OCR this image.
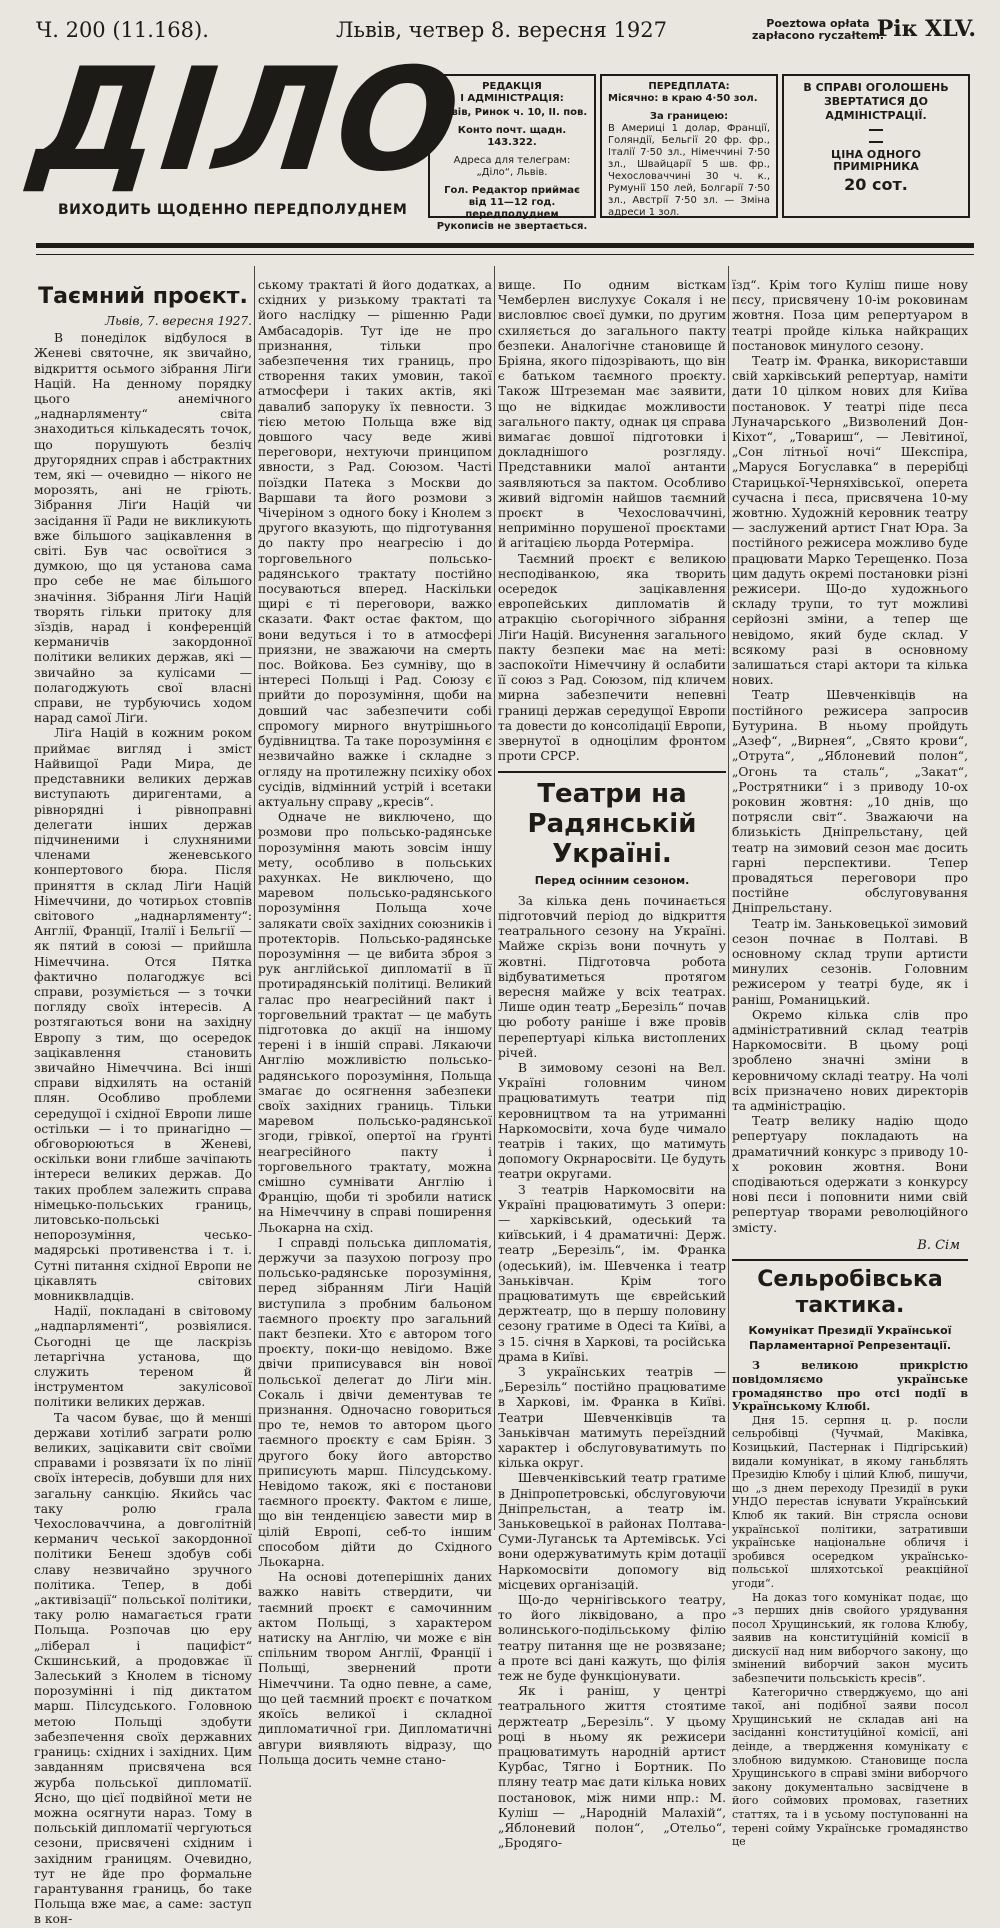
Ч. 200 (11.168).	Львів, четвер 8. вересня 1927	Poeztowa opłata
zapłacono ryczałtem.
Рік XLV.
ДІЛО
ВИХОДИТЬ ЩОДЕННО ПЕРЕДПОЛУДНЕМ
РЕДАКЦІЯ
І АДМІНІСТРАЦІЯ:
Львів, Ринок ч. 10, II. пов.
Конто почт. щадн. 143.322.
Адреса для телеграм:
„Діло“, Львів.
Гол. Редактор приймає від 11—12 год. передполуднем
Рукописів не звертається.
ПЕРЕДПЛАТА:
Місячно: в краю 4·50 зол.
За границею:
В Америці 1 долар, Франції, Голяндії, Бельгії 20 фр. фр., Італії 7·50 зл., Німеччині 7·50 зл., Швайцарії 5 шв. фр., Чехословаччині 30 ч. к., Румунії 150 лей, Болгарії 7·50 зл., Австрії 7·50 зл. — Зміна адреси 1 зол.
В СПРАВІ ОГОЛОШЕНЬ ЗВЕРТАТИСЯ ДО АДМІНІСТРАЦІЇ.
ЦІНА ОДНОГО ПРИМІРНИКА
20 сот.
Таємний проєкт.
Львів, 7. вересня 1927.

В понеділок відбулося в Женеві святочне, як звичайно, відкриття осьмого зібрання Ліґи Націй. На денному порядку цього анемічного „наднарляменту“ світа знаходиться кількадесять точок, що порушують безліч другорядних справ і абстрактних тем, які — очевидно — нікого не морозять, ані не гріють. Зібрання Ліґи Націй чи засідання її Ради не викликують вже більшого зацікавлення в світі. Був час освоїтися з думкою, що ця установа сама про себе не має більшого значіння. Зібрання Ліґи Націй творять гільки притоку для зїздів, нарад і конференцій керманичів закордонної політики великих держав, які — звичайно за кулісами — полагоджують свої власні справи, не турбуючись ходом нарад самої Ліґи.

Ліґа Націй в кожним роком приймає вигляд і зміст Найвищої Ради Мира, де представники великих держав виступають диригентами, а рівнорядні і рівноправні делегати інших держав підчиненими і слухняними членами женевського конпертового бюра. Після приняття в склад Ліґи Націй Німеччини, до чотирьох стовпів світового „наднарляменту“: Англії, Франції, Італії і Бельгії — як пятий в союзі — прийшла Німеччина. Отся Пятка фактично полагоджує всі справи, розуміється — з точки погляду своїх інтересів. А розтягаються вони на західну Европу з тим, що осередок зацікавлення становить звичайно Німеччина. Всі інші справи відхилять на останій плян. Особливо проблеми середущої і східної Европи лише остільки — і то принагідно — обговорюються в Женеві, оскільки вони глибше зачіпають інтереси великих держав. До таких проблем залежить справа німецько-польських границь, литовсько-польські непорозуміння, чесько-мадярські противенства і т. і. Сутні питання східної Европи не цікавлять світових мовниквладців.

Надії, покладані в світовому „надпарляменті“, розвіялися. Сьогодні це ще ласкрізь летаргічна установа, що служить тереном й інструментом закулісової політики великих держав.

Та часом буває, що й менші держави хотілиб заграти ролю великих, зацікавити світ своїми справами і розвязати їх по лінії своїх інтересів, добувши для них загальну санкцію. Якийсь час таку ролю грала Чехословаччина, а довголітній керманич чеської закордонної політики Бенеш здобув собі славу незвичайно зручного політика. Тепер, в добі „активізації“ польської політики, таку ролю намагається грати Польща. Розпочав цю еру „ліберал і пацифіст“ Скшинський, а продовжає її Залеський з Кнолем в тісному порозумінні і під диктатом марш. Пілсудського. Головною метою Польщі здобути забезпечення своїх державних границь: східних і західних. Цим завданням присвячена вся журба польської дипломатії. Ясно, що цієї подвійної мети не можна осягнути нараз. Тому в польській дипломатії чергуються сезони, присвячені східним і західним границям. Очевидно, тут не йде про формальне гарантування границь, бо таке Польща вже має, а саме: заступ в кон-

ському трактаті й його додатках, а східних у ризькому трактаті та його наслідку — рішенню Ради Амбасадорів. Тут іде не про признання, тільки про забезпечення тих границь, про створення таких умовин, такої атмосфери і таких актів, які давалиб запоруку їх певности. З тією метою Польща вже від довшого часу веде живі переговори, нехтуючи принципом явности, з Рад. Союзом. Часті поїздки Патека з Москви до Варшави та його розмови з Чічеріном з одного боку і Кнолем з другого вказують, що підготування до пакту про неагресію і до торговельного польсько-радянського трактату постійно посуваються вперед. Наскільки щирі є ті переговори, важко сказати. Факт остає фактом, що вони ведуться і то в атмосфері приязни, не зважаючи на смерть пос. Войкова. Без сумніву, що в інтересі Польщі і Рад. Союзу є прийти до порозуміння, щоби на довший час забезпечити собі спромогу мирного внутрішнього будівництва. Та таке порозуміння є незвичайно важке і складне з огляду на протилежну психіку обох сусідів, відмінний устрій і всетаки актуальну справу „кресів“.

Одначе не виключено, що розмови про польсько-радянське порозуміння мають зовсім іншу мету, особливо в польських рахунках. Не виключено, що маревом польсько-радянського порозуміння Польща хоче залякати своїх західних союзників і протекторів. Польсько-радянське порозуміння — це вибита зброя з рук англійської дипломатії в її протирадянській політиці. Великий галас про неагресійний пакт і торговельний трактат — це мабуть підготовка до акції на іншому терені і в іншій справі. Лякаючи Англію можливістю польсько-радянського порозуміння, Польща змагає до осягнення забезпеки своїх західних границь. Тільки маревом польсько-радянської згоди, грівкої, опертої на ґрунті неагресійного пакту і торговельного трактату, можна смішно сумнівати Англію і Францію, щоби ті зробили натиск на Німеччину в справі поширення Льокарна на схід.

І справді польська дипломатія, держучи за пазухою погрозу про польсько-радянське порозуміння, перед зібранням Ліґи Націй виступила з пробним бальоном таємного проєкту про загальний пакт безпеки. Хто є автором того проєкту, поки-що невідомо. Вже двічи приписувався він нової польської делегат до Ліґи мін. Сокаль і двічи дементував те признання. Одночасно говориться про те, немов то автором цього таємного проєкту є сам Бріян. З другого боку його авторство приписують марш. Пілсудському. Невідомо також, які є постанови таємного проєкту. Фактом є лише, що він тенденцією завести мир в цілій Европі, себ-то іншим способом дійти до Східного Льокарна.

На основі дотеперішніх даних важко навіть ствердити, чи таємний проєкт є самочинним актом Польщі, з характером натиску на Англію, чи може є він спільним твором Англії, Франції і Польщі, звернений проти Німеччини. Та одно певне, а саме, що цей таємний проєкт є початком якоїсь великої і складної дипломатичної гри. Дипломатичні авгури виявляють відразу, що Польща досить чемне стано-

вище. По одним вісткам Чемберлен вислухує Сокаля і не висловлює своєї думки, по другим схиляється до загального пакту безпеки. Аналогічне становище й Бріяна, якого підозрівають, що він є батьком таємного проєкту. Також Штреземан має заявити, що не відкидає можливости загального пакту, однак ця справа вимагає довшої підготовки і докладнішого розгляду. Представники малої антанти заявляються за пактом. Особливо живий відгомін найшов таємний проєкт в Чехословаччині, непримінно порушеної проєктами й агітацією льорда Ротерміра.

Таємний проєкт є великою несподіванкою, яка творить осередок зацікавлення европейських дипломатів й атракцію сьогорічного зібрання Ліґи Націй. Висунення загального пакту безпеки має на меті: заспокоїти Німеччину й ослабити її союз з Рад. Союзом, під кличем мирна забезпечити непевні границі держав середущої Европи та довести до консолідації Европи, звернутої в одноцілим фронтом проти СРСР.

Театри на Радянській Україні.
Перед осінним сезоном.

За кілька день починається підготовчий період до відкриття театрального сезону на Україні. Майже скрізь вони почнуть у жовтні. Підготовча робота відбуватиметься протягом вересня майже у всіх театрах. Лише один театр „Березіль“ почав цю роботу раніше і вже провів перепертуарі кілька вистоплених річей.

В зимовому сезоні на Вел. Україні головним чином працюватимуть театри під керовництвом та на утриманні Наркомосвіти, хоча буде чимало театрів і таких, що матимуть допомогу Окрнаросвіти. Це будуть театри округами.

З театрів Наркомосвіти на Україні працюватимуть 3 опери: — харківський, одеський та київський, і 4 драматичні: Держ. театр „Березіль“, ім. Франка (одеський), ім. Шевченка і театр Заньківчан. Крім того працюватимуть ще єврейський держтеатр, що в першу половину сезону гратиме в Одесі та Київі, а з 15. січня в Харкові, та російська драма в Київі.

З українських театрів — „Березіль“ постійно працюватиме в Харкові, ім. Франка в Київі. Театри Шевченківців та Заньківчан матимуть переїздний характер і обслуговуватимуть по кілька округ.

Шевченківський театр гратиме в Дніпропетровські, обслуговуючи Дніпрельстан, а театр ім. Заньковецької в районах Полтава-Суми-Луганськ та Артемівськ. Усі вони одержуватимуть крім дотації Наркомосвіти допомогу від місцевих організацій.

Що-до чернігівського театру, то його ліквідовано, а про волинського-подільському філію театру питання ще не розвязане; а проте всі дані кажуть, що філія теж не буде функціонувати.

Як і раніш, у центрі театрального життя стоятиме держтеатр „Березіль“. У цьому році в ньому як режисери працюватимуть народній артист Курбас, Тягно і Бортник. По пляну театр має дати кількa нових постановок, між ними нпр.: М. Куліш — „Народній Малахій“, „Яблоневий полон“, „Отельо“, „Бродяго-

їзд“. Крім того Куліш пише нову пєсу, присвячену 10-ім роковинам жовтня. Поза цим репертуаром в театрі пройде кілька найкращих постановок минулого сезону.

Театр ім. Франка, використавши свій харківський репертуар, наміти дати 10 цілком нових для Київа постановок. У театрі піде пєса Луначарського „Визволений Дон-Кіхот“, „Товариш“, — Левітиної, „Сон літньої ночі“ Шекспіра, „Маруся Богуславка“ в перерібці Старицької-Черняхівської, оперета сучасна і пєса, присвячена 10-му жовтню. Художній керовник театру — заслужений артист Гнат Юра. За постійного режисера можливо буде працювати Марко Терещенко. Поза цим дадуть окремі постановки різні режисери. Що-до художнього складу трупи, то тут можливі серйозні зміни, а тепер ще невідомо, який буде склад. У всякому разі в основному залишаться старі актори та кілька нових.

Театр Шевченківців на постійного режисера запросив Бутурина. В ньому пройдуть „Азеф“, „Вирнея“, „Свято крови“, „Отрута“, „Яблоневий полон“, „Огонь та сталь“, „Закат“, „Рострятники“ і з приводу 10-ох роковин жовтня: „10 днів, що потрясли світ“. Зважаючи на близькість Дніпрельстану, цей театр на зимовий сезон має досить гарні перспективи. Тепер провадяться переговори про постійне обслуговування Дніпрельстану.

Театр ім. Заньковецької зимовий сезон почнає в Полтаві. В основному склад трупи артисти минулих сезонів. Головним режисером у театрі буде, як і раніш, Романицький.

Окремо кілька слів про адміністративний склад театрів Наркомосвіти. В цьому році зроблено значні зміни в керовничому складі театру. На чолі всіх призначено нових директорів та адміністрацію.

Театр велику надію щодо репертуару покладають на драматичний конкурс з приводу 10-х роковин жовтня. Вони сподіваються одержати з конкурсу нові пєси і поповнити ними свій репертуар творами революційного змісту.

В. Сім
Сельробівська тактика.
Комунікат Президії Української Парламентарної Репрезентації.

З великою прикрістю повідомляємо українське громадянство про отсі події в Українському Клюбі.

Дня 15. серпня ц. р. посли сельробівці (Чучмай, Маківка, Козицький, Пастернак і Підгірський) видали комунікат, в якому ганьблять Президію Клюбу і цілий Клюб, пишучи, що „з днем переходу Президії в руки УНДО перестав існувати Український Клюб як такий. Він стрясла основи української політики, затративши українське національне обличя і зробився осередком українсько-польської шляхотської реакційної угоди“.

На доказ того комунікат подає, що „з перших днів свойого урядування посол Хрущинський, як голова Клюбу, заявив на конституційній комісії в дискусії над ним виборчого закону, що змінений виборчий закон мусить забезпечити польськість кресів“.

Категорично стверджуємо, що ані такої, ані подібної заяви посол Хрущинський не складав ані на засіданні конституційної комісії, ані деінде, а твердження комунікату є злобною видумкою. Становище посла Хрущинського в справі зміни виборчого закону документально засвідчене в його соймових промовах, газетних статтях, та і в усьому поступованні на терені сойму Українське громадянство це
